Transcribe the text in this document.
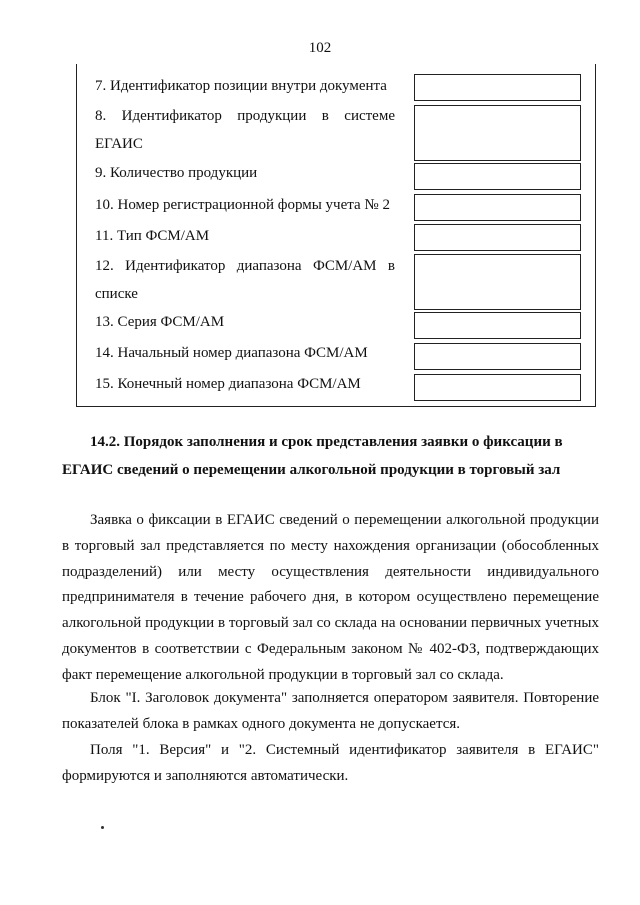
102
7. Идентификатор позиции внутри документа
8. Идентификатор продукции в системе
ЕГАИС
9. Количество продукции
10. Номер регистрационной формы учета № 2
11. Тип ФСМ/АМ
12. Идентификатор диапазона ФСМ/АМ в
списке
13. Серия ФСМ/АМ
14. Начальный номер диапазона ФСМ/АМ
15. Конечный номер диапазона ФСМ/АМ
14.2. Порядок заполнения и срок представления заявки о фиксации в
ЕГАИС сведений о перемещении алкогольной продукции в торговый зал
Заявка о фиксации в ЕГАИС сведений о перемещении алкогольной продукции в торговый зал представляется по месту нахождения организации (обособленных подразделений) или месту осуществления деятельности индивидуального предпринимателя в течение рабочего дня, в котором осуществлено перемещение алкогольной продукции в торговый зал со склада на основании первичных учетных документов в соответствии с Федеральным законом № 402-ФЗ, подтверждающих факт перемещение алкогольной продукции в торговый зал со склада.
Блок "I. Заголовок документа" заполняется оператором заявителя. Повторение показателей блока в рамках одного документа не допускается.
Поля "1. Версия" и "2. Системный идентификатор заявителя в ЕГАИС" формируются и заполняются автоматически.
